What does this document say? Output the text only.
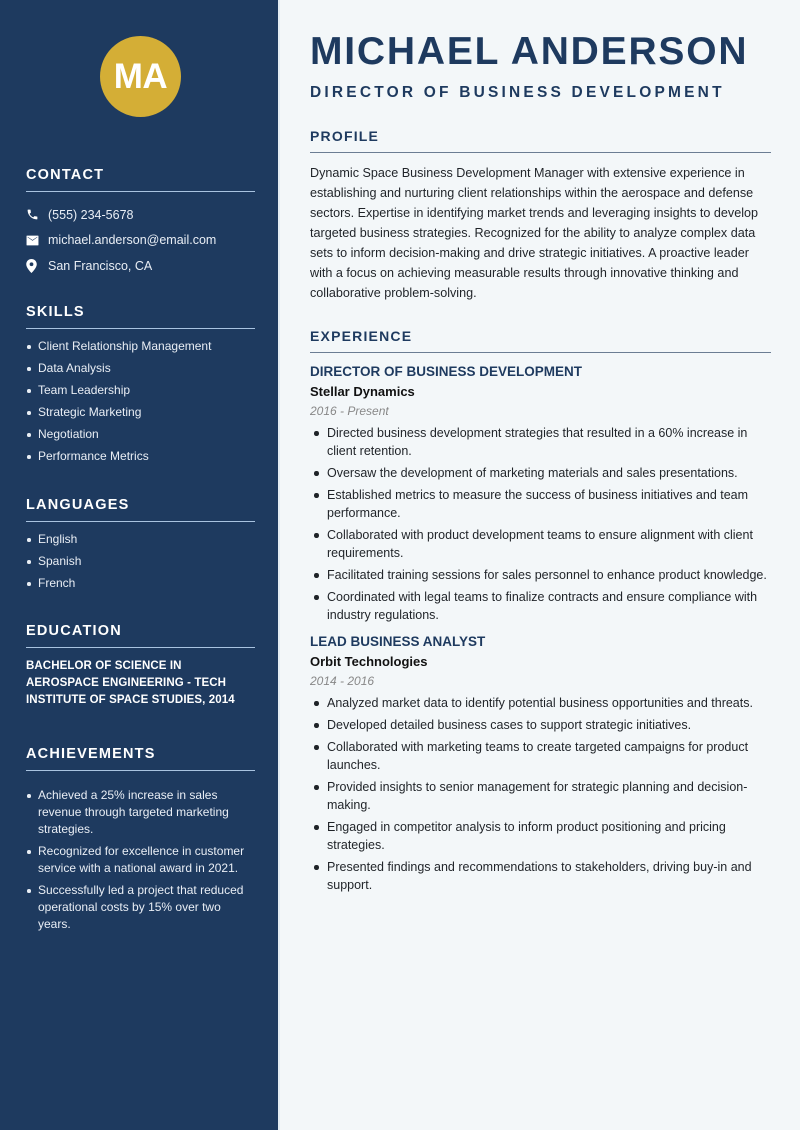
MA
CONTACT
(555) 234-5678
michael.anderson@email.com
San Francisco, CA
SKILLS
Client Relationship Management
Data Analysis
Team Leadership
Strategic Marketing
Negotiation
Performance Metrics
LANGUAGES
English
Spanish
French
EDUCATION

BACHELOR OF SCIENCE IN AEROSPACE ENGINEERING - TECH INSTITUTE OF SPACE STUDIES, 2014

ACHIEVEMENTS
Achieved a 25% increase in sales revenue through targeted marketing strategies.
Recognized for excellence in customer service with a national award in 2021.
Successfully led a project that reduced operational costs by 15% over two years.
MICHAEL ANDERSON
DIRECTOR OF BUSINESS DEVELOPMENT
PROFILE

Dynamic Space Business Development Manager with extensive experience in establishing and nurturing client relationships within the aerospace and defense sectors. Expertise in identifying market trends and leveraging insights to develop targeted business strategies. Recognized for the ability to analyze complex data sets to inform decision-making and drive strategic initiatives. A proactive leader with a focus on achieving measurable results through innovative thinking and collaborative problem-solving.

EXPERIENCE
DIRECTOR OF BUSINESS DEVELOPMENT
Stellar Dynamics
2016 - Present
Directed business development strategies that resulted in a 60% increase in client retention.
Oversaw the development of marketing materials and sales presentations.
Established metrics to measure the success of business initiatives and team performance.
Collaborated with product development teams to ensure alignment with client requirements.
Facilitated training sessions for sales personnel to enhance product knowledge.
Coordinated with legal teams to finalize contracts and ensure compliance with industry regulations.
LEAD BUSINESS ANALYST
Orbit Technologies
2014 - 2016
Analyzed market data to identify potential business opportunities and threats.
Developed detailed business cases to support strategic initiatives.
Collaborated with marketing teams to create targeted campaigns for product launches.
Provided insights to senior management for strategic planning and decision-making.
Engaged in competitor analysis to inform product positioning and pricing strategies.
Presented findings and recommendations to stakeholders, driving buy-in and support.
